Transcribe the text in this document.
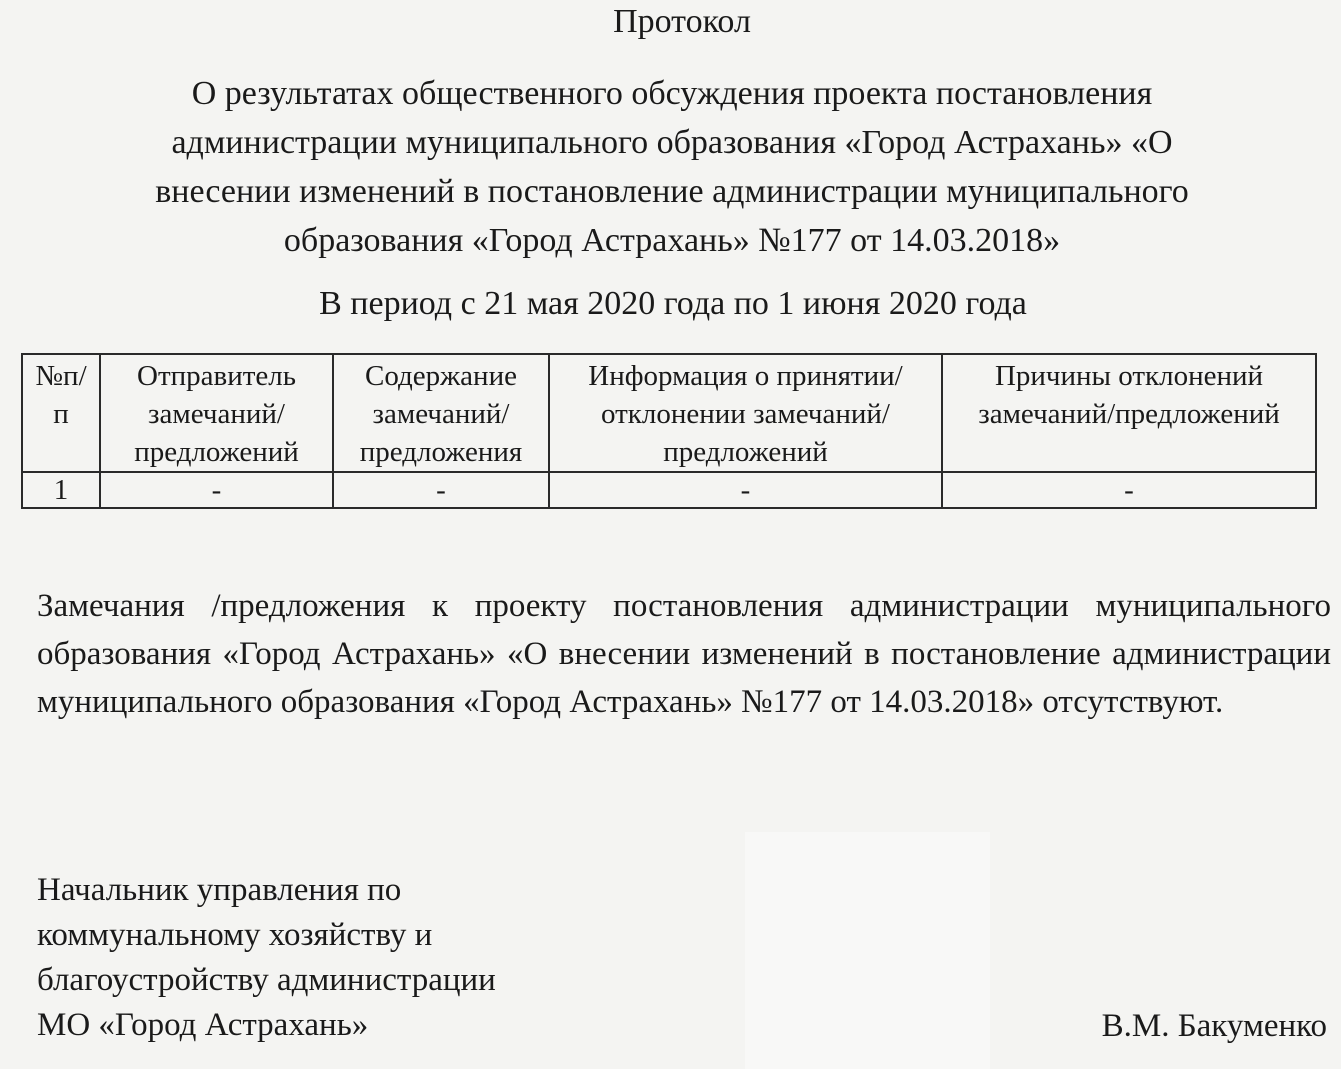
Протокол
О результатах общественного обсуждения проекта постановления
администрации муниципального образования «Город Астрахань» «О
внесении изменений в постановление администрации муниципального
образования «Город Астрахань» №177 от 14.03.2018»
В период с 21 мая 2020 года по 1 июня 2020 года
№п/ п	Отправитель замечаний/ предложений	Содержание замечаний/ предложения	Информация о принятии/отклонении замечаний/предложений	Причины отклонений замечаний/предложений
1	-	-	-	-
Замечания /предложения к проекту постановления администрации муниципального образования «Город Астрахань» «О внесении изменений в постановление администрации муниципального образования «Город Астрахань» №177 от 14.03.2018» отсутствуют.
Начальник управления по
коммунальному хозяйству и
благоустройству администрации
МО «Город Астрахань»	В.М. Бакуменко
